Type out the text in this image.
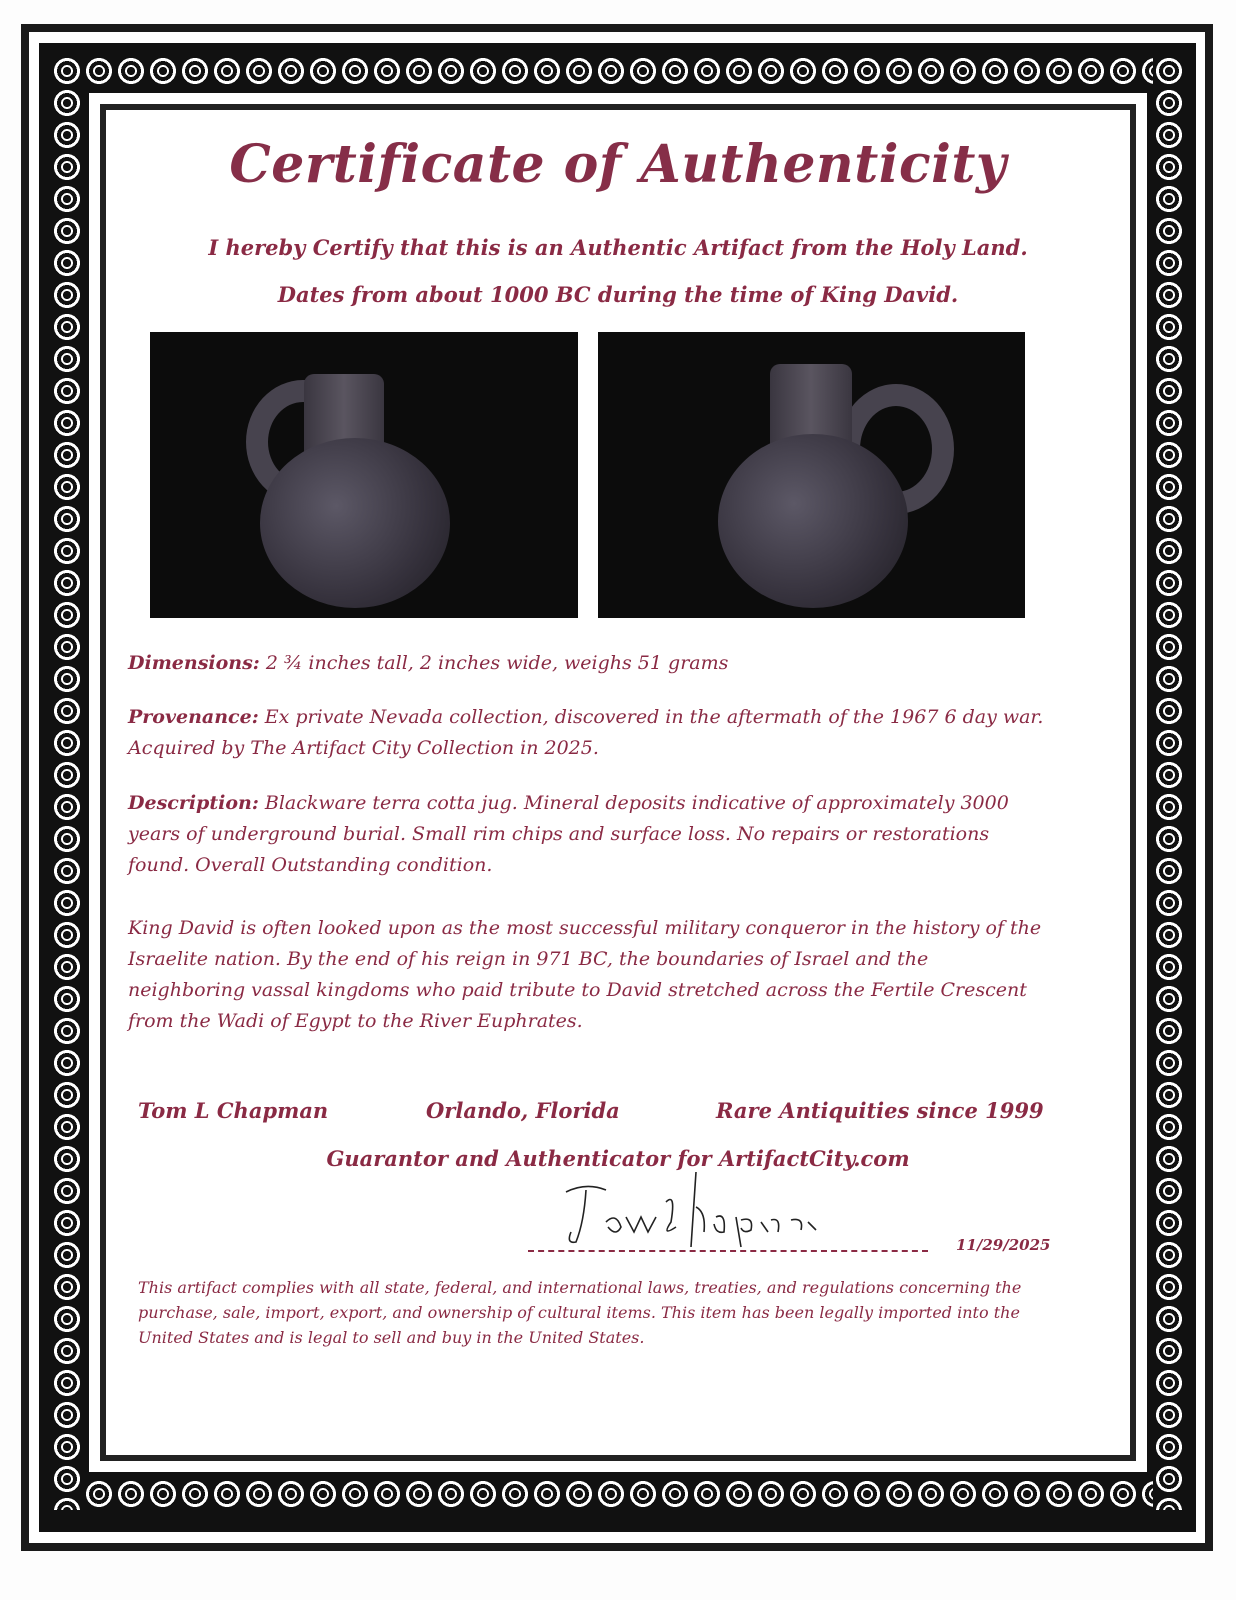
Certificate of Authenticity
I hereby Certify that this is an Authentic Artifact from the Holy Land.
Dates from about 1000 BC during the time of King David.
Dimensions: 2 ¾ inches tall, 2 inches wide, weighs 51 grams
Provenance: Ex private Nevada collection, discovered in the aftermath of the 1967 6 day war. Acquired by The Artifact City Collection in 2025.
Description: Blackware terra cotta jug. Mineral deposits indicative of approximately 3000 years of underground burial. Small rim chips and surface loss. No repairs or restorations found. Overall Outstanding condition.
King David is often looked upon as the most successful military conqueror in the history of the Israelite nation. By the end of his reign in 971 BC, the boundaries of Israel and the neighboring vassal kingdoms who paid tribute to David stretched across the Fertile Crescent from the Wadi of Egypt to the River Euphrates.
Tom L Chapman	Orlando, Florida	Rare Antiquities since 1999
Guarantor and Authenticator for ArtifactCity.com
11/29/2025
This artifact complies with all state, federal, and international laws, treaties, and regulations concerning the purchase, sale, import, export, and ownership of cultural items. This item has been legally imported into the United States and is legal to sell and buy in the United States.
